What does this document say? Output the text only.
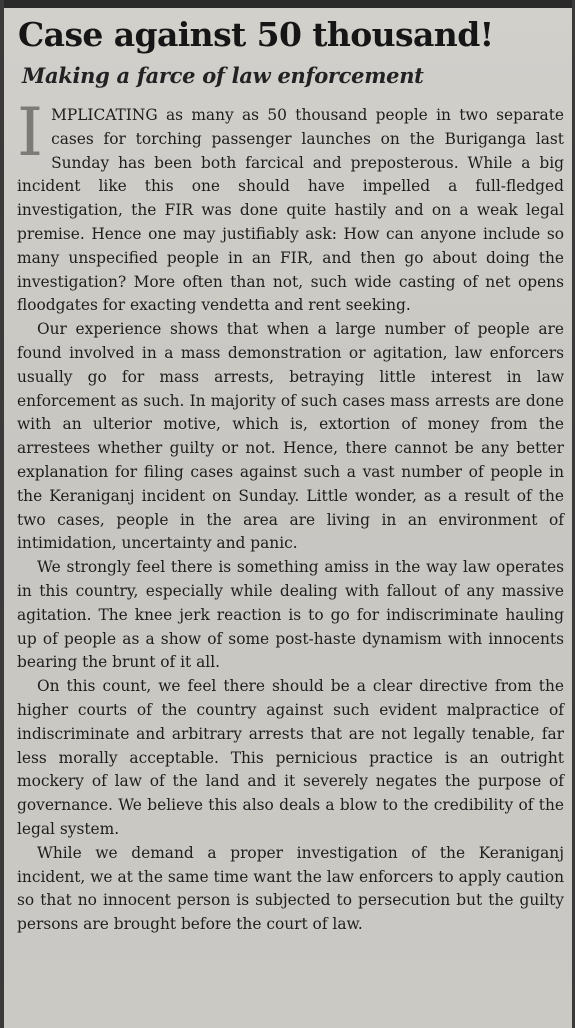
Case against 50 thousand!
Making a farce of law enforcement

IMPLICATING as many as 50 thousand people in two separate cases for torching passenger launches on the Buriganga last Sunday has been both farcical and preposterous. While a big incident like this one should have impelled a full-fledged investigation, the FIR was done quite hastily and on a weak legal premise. Hence one may justifiably ask: How can anyone include so many unspecified people in an FIR, and then go about doing the investigation? More often than not, such wide casting of net opens floodgates for exacting vendetta and rent seeking.

Our experience shows that when a large number of people are found involved in a mass demonstration or agitation, law enforcers usually go for mass arrests, betraying little interest in law enforcement as such. In majority of such cases mass arrests are done with an ulterior motive, which is, extortion of money from the arrestees whether guilty or not. Hence, there cannot be any better explanation for filing cases against such a vast number of people in the Keraniganj incident on Sunday. Little wonder, as a result of the two cases, people in the area are living in an environment of intimidation, uncertainty and panic.

We strongly feel there is something amiss in the way law operates in this country, especially while dealing with fallout of any massive agitation. The knee jerk reaction is to go for indiscriminate hauling up of people as a show of some post-haste dynamism with innocents bearing the brunt of it all.

On this count, we feel there should be a clear directive from the higher courts of the country against such evident malpractice of indiscriminate and arbitrary arrests that are not legally tenable, far less morally acceptable. This pernicious practice is an outright mockery of law of the land and it severely negates the purpose of governance. We believe this also deals a blow to the credibility of the legal system.

While we demand a proper investigation of the Keraniganj incident, we at the same time want the law enforcers to apply caution so that no innocent person is subjected to persecution but the guilty persons are brought before the court of law.
